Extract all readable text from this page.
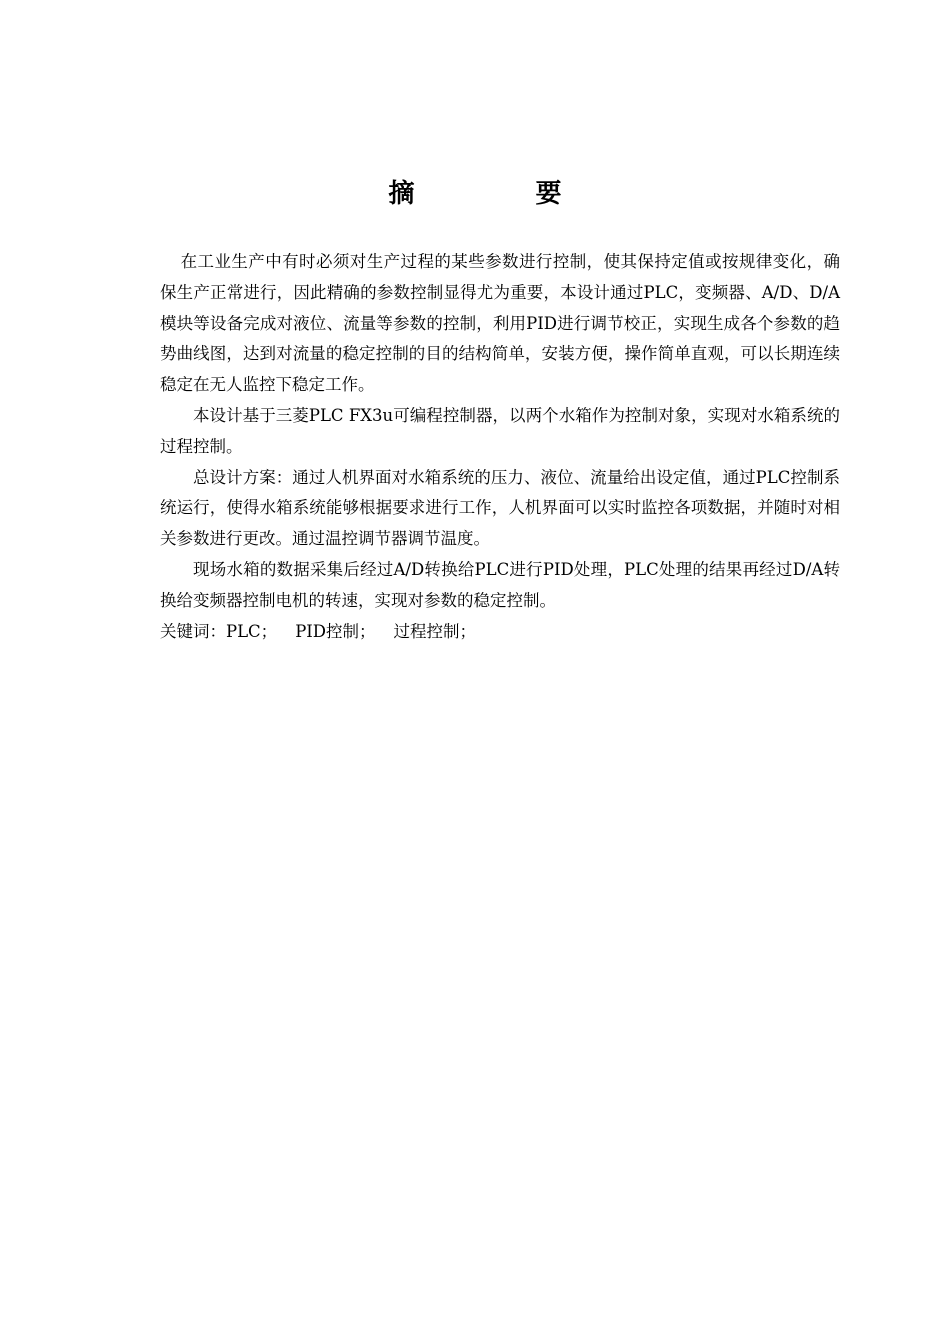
摘 要

在工业生产中有时必须对生产过程的某些参数进行控制，使其保持定值或按规律变化，确保生产正常进行，因此精确的参数控制显得尤为重要，本设计通过PLC，变频器、A/D、D/A模块等设备完成对液位、流量等参数的控制，利用PID进行调节校正，实现生成各个参数的趋势曲线图，达到对流量的稳定控制的目的结构简单，安装方便，操作简单直观，可以长期连续稳定在无人监控下稳定工作。

本设计基于三菱PLC FX3u可编程控制器，以两个水箱作为控制对象，实现对水箱系统的过程控制。

总设计方案：通过人机界面对水箱系统的压力、液位、流量给出设定值，通过PLC控制系统运行，使得水箱系统能够根据要求进行工作，人机界面可以实时监控各项数据，并随时对相关参数进行更改。通过温控调节器调节温度。

现场水箱的数据采集后经过A/D转换给PLC进行PID处理，PLC处理的结果再经过D/A转换给变频器控制电机的转速，实现对参数的稳定控制。

关键词：PLC； PID控制； 过程控制；
